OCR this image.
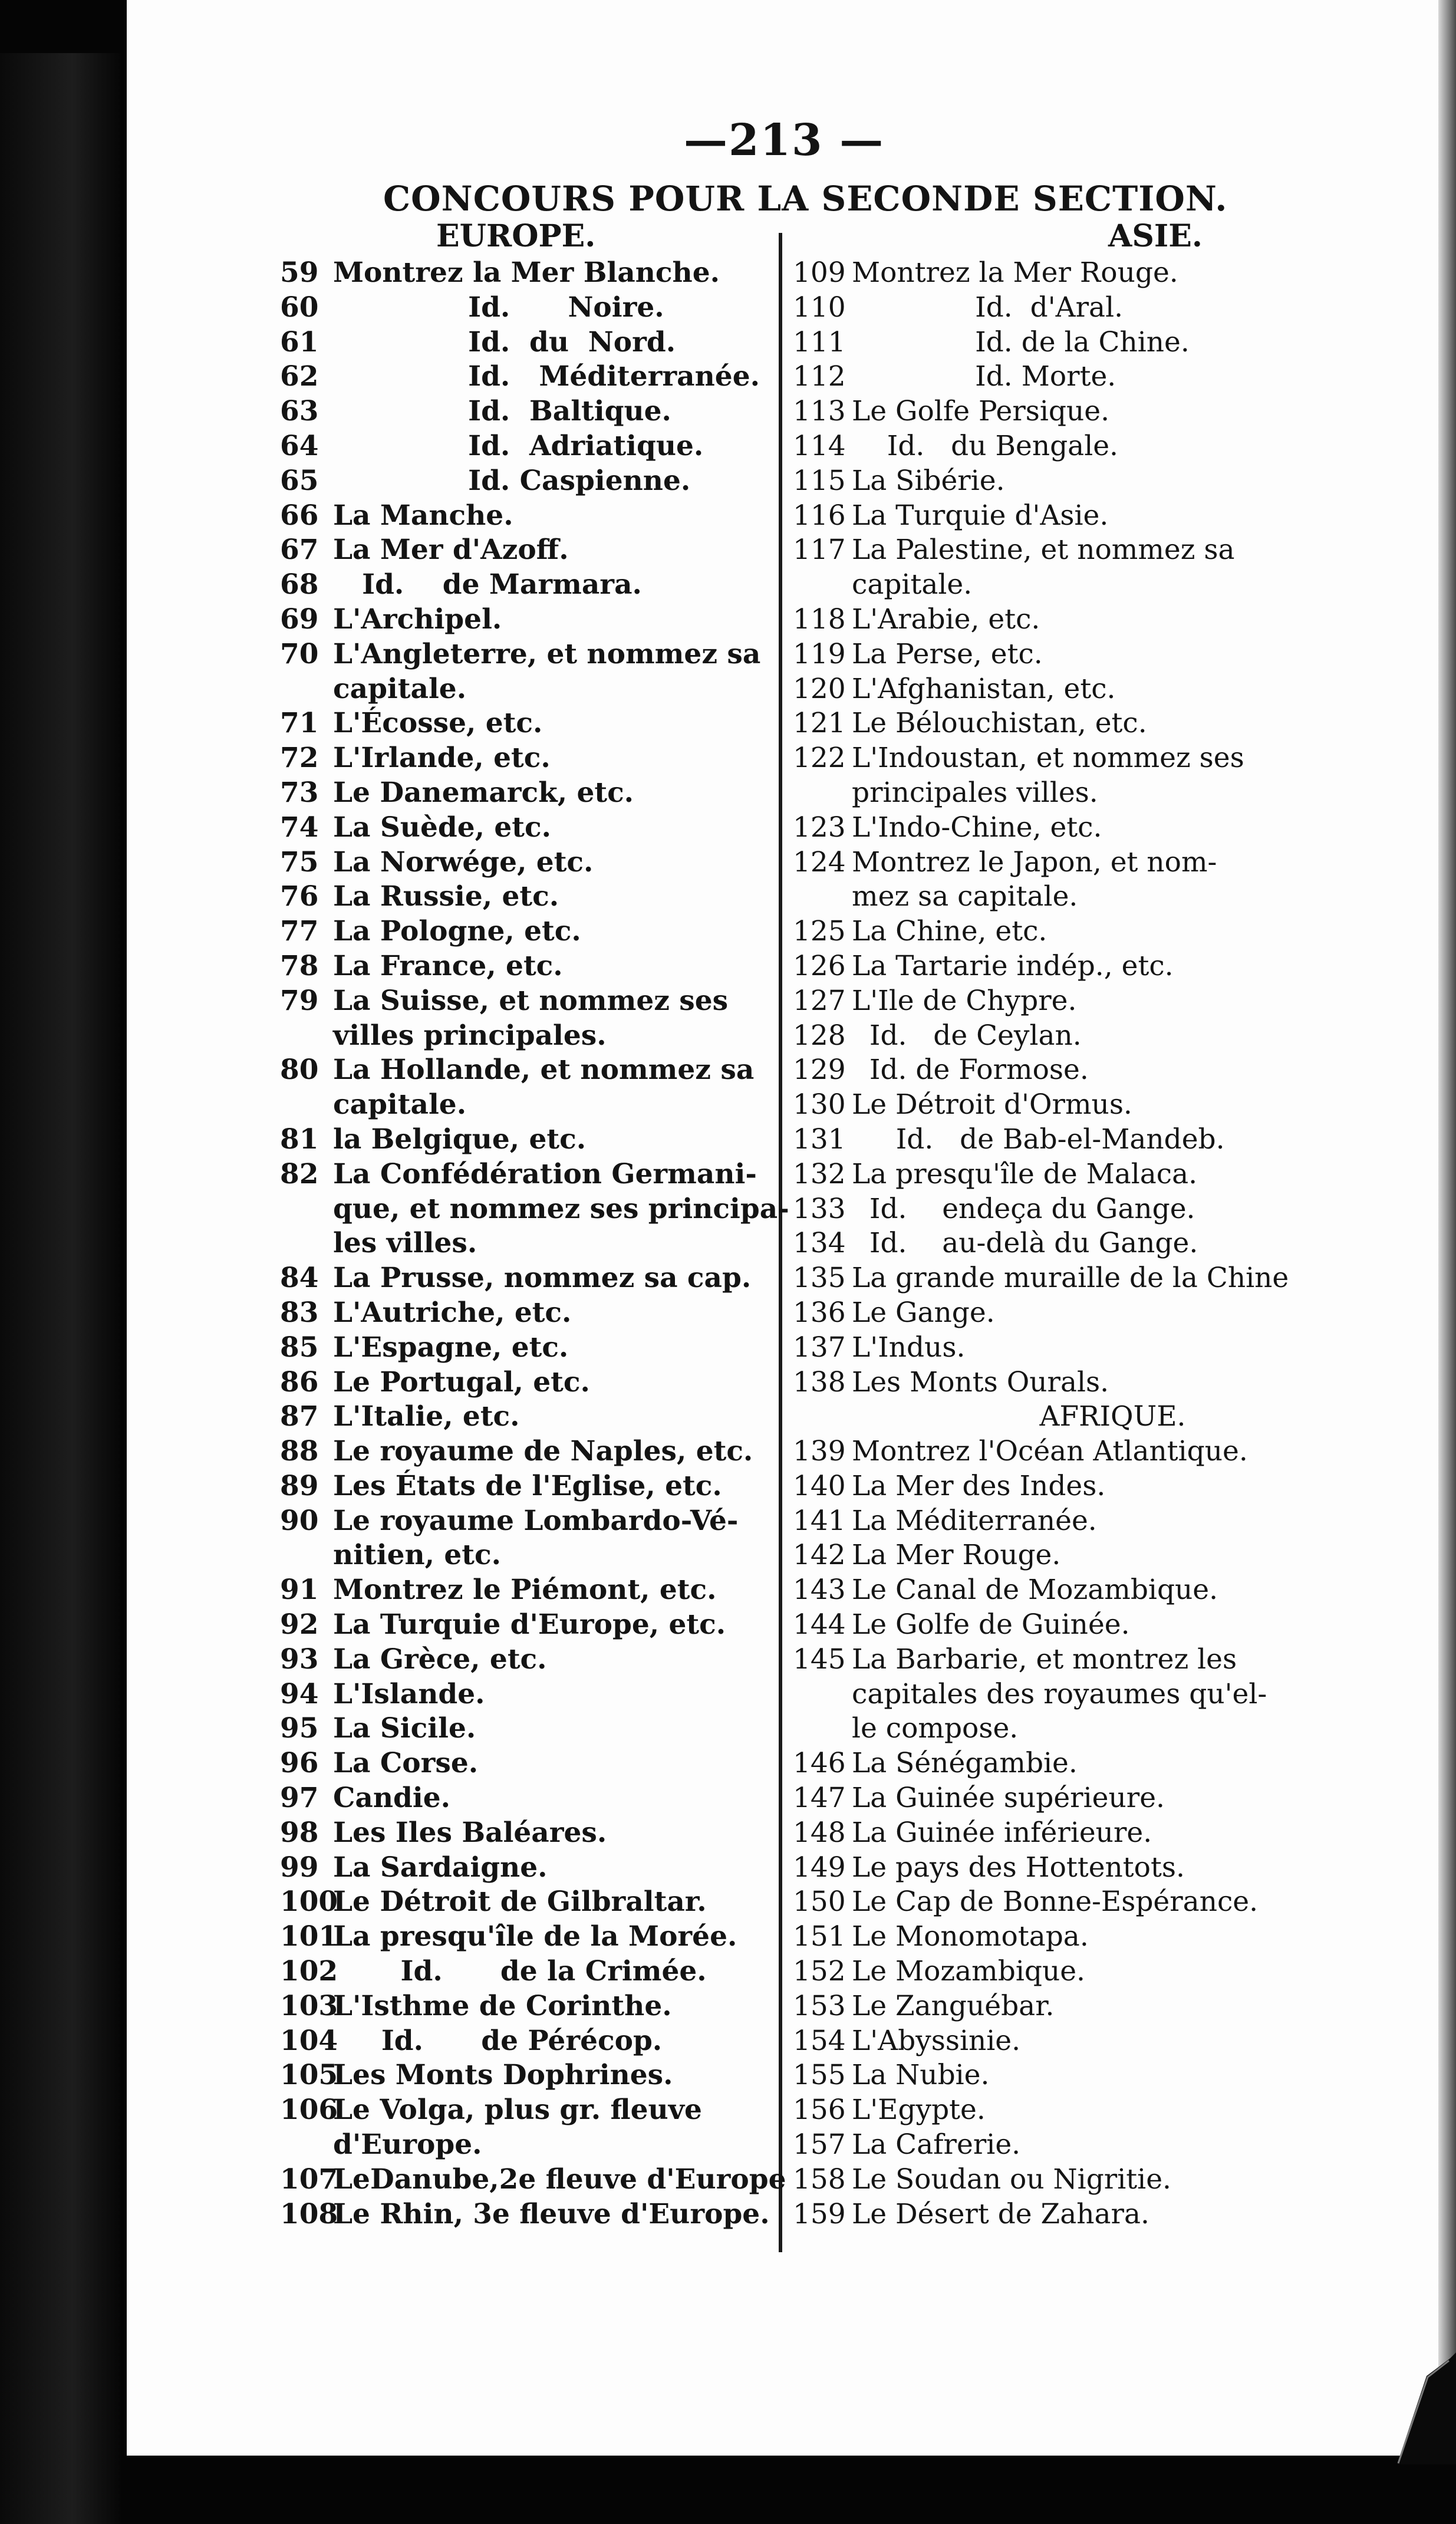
—213 —
CONCOURS POUR LA SECONDE SECTION.
EUROPE.	ASIE.
59 Montrez la Mer Blanche.
60              Id.      Noire.
61              Id.  du  Nord.
62              Id.   Méditerranée.
63              Id.  Baltique.
64              Id.  Adriatique.
65              Id. Caspienne.
66 La Manche.
67 La Mer d'Azoff.
68   Id.    de Marmara.
69 L'Archipel.
70 L'Angleterre, et nommez sa
capitale.
71 L'Écosse, etc.
72 L'Irlande, etc.
73 Le Danemarck, etc.
74 La Suède, etc.
75 La Norwége, etc.
76 La Russie, etc.
77 La Pologne, etc.
78 La France, etc.
79 La Suisse, et nommez ses
villes principales.
80 La Hollande, et nommez sa
capitale.
81 la Belgique, etc.
82 La Confédération Germani-
que, et nommez ses principa-
les villes.
84 La Prusse, nommez sa cap.
83 L'Autriche, etc.
85 L'Espagne, etc.
86 Le Portugal, etc.
87 L'Italie, etc.
88 Le royaume de Naples, etc.
89 Les États de l'Eglise, etc.
90 Le royaume Lombardo-Vé-
nitien, etc.
91 Montrez le Piémont, etc.
92 La Turquie d'Europe, etc.
93 La Grèce, etc.
94 L'Islande.
95 La Sicile.
96 La Corse.
97 Candie.
98 Les Iles Baléares.
99 La Sardaigne.
100Le Détroit de Gilbraltar.
101La presqu'île de la Morée.
102       Id.      de la Crimée.
103L'Isthme de Corinthe.
104     Id.      de Pérécop.
105Les Monts Dophrines.
106Le Volga, plus gr. fleuve
d'Europe.
107LeDanube,2e fleuve d'Europe
108Le Rhin, 3e fleuve d'Europe.
109 Montrez la Mer Rouge.
110              Id.  d'Aral.
111              Id. de la Chine.
112              Id. Morte.
113 Le Golfe Persique.
114    Id.   du Bengale.
115 La Sibérie.
116 La Turquie d'Asie.
117 La Palestine, et nommez sa
capitale.
118 L'Arabie, etc.
119 La Perse, etc.
120 L'Afghanistan, etc.
121 Le Bélouchistan, etc.
122 L'Indoustan, et nommez ses
principales villes.
123 L'Indo-Chine, etc.
124 Montrez le Japon, et nom-
mez sa capitale.
125 La Chine, etc.
126 La Tartarie indép., etc.
127 L'Ile de Chypre.
128  Id.   de Ceylan.
129  Id. de Formose.
130 Le Détroit d'Ormus.
131     Id.   de Bab-el-Mandeb.
132 La presqu'île de Malaca.
133  Id.    endeça du Gange.
134  Id.    au-delà du Gange.
135 La grande muraille de la Chine
136 Le Gange.
137 L'Indus.
138 Les Monts Ourals.
AFRIQUE.
139 Montrez l'Océan Atlantique.
140 La Mer des Indes.
141 La Méditerranée.
142 La Mer Rouge.
143 Le Canal de Mozambique.
144 Le Golfe de Guinée.
145 La Barbarie, et montrez les
capitales des royaumes qu'el-
le compose.
146 La Sénégambie.
147 La Guinée supérieure.
148 La Guinée inférieure.
149 Le pays des Hottentots.
150 Le Cap de Bonne-Espérance.
151 Le Monomotapa.
152 Le Mozambique.
153 Le Zanguébar.
154 L'Abyssinie.
155 La Nubie.
156 L'Egypte.
157 La Cafrerie.
158 Le Soudan ou Nigritie.
159 Le Désert de Zahara.
